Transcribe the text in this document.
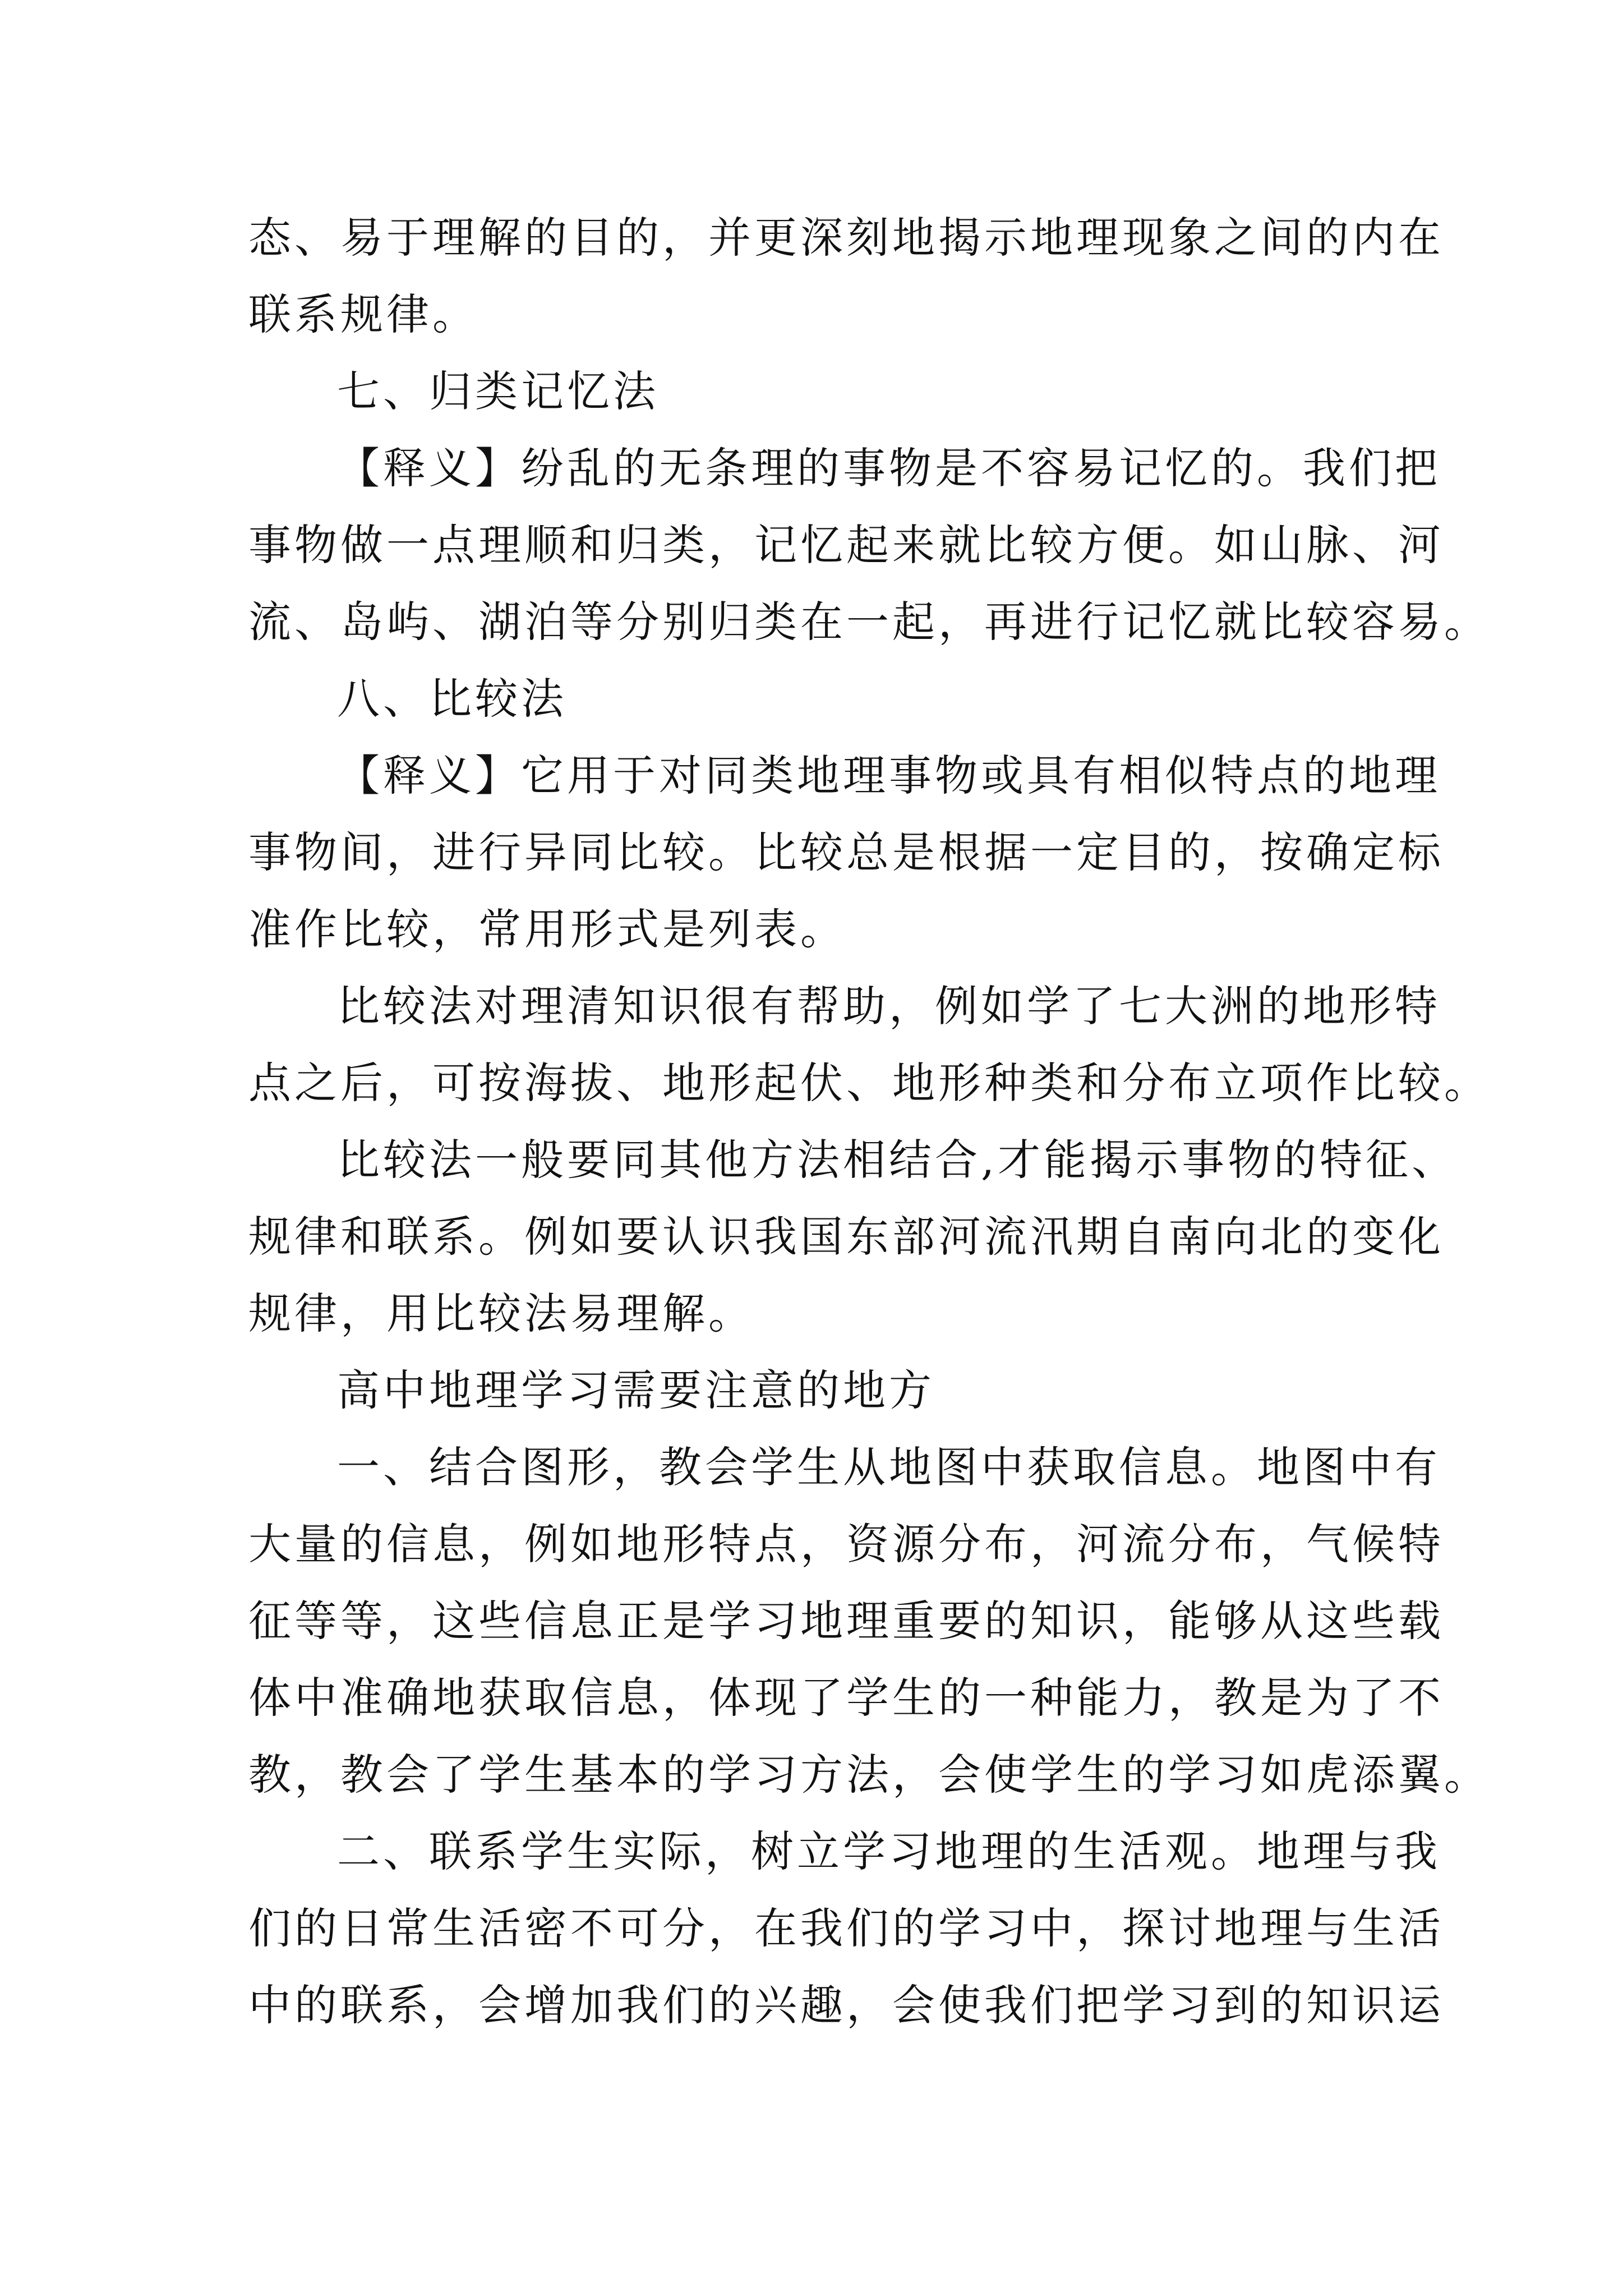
态、易于理解的目的，并更深刻地揭示地理现象之间的内在
联系规律。
七、归类记忆法
【释义】纷乱的无条理的事物是不容易记忆的。我们把
事物做一点理顺和归类，记忆起来就比较方便。如山脉、河
流、岛屿、湖泊等分别归类在一起，再进行记忆就比较容易。
八、比较法
【释义】它用于对同类地理事物或具有相似特点的地理
事物间，进行异同比较。比较总是根据一定目的，按确定标
准作比较，常用形式是列表。
比较法对理清知识很有帮助，例如学了七大洲的地形特
点之后，可按海拔、地形起伏、地形种类和分布立项作比较。
比较法一般要同其他方法相结合,才能揭示事物的特征、
规律和联系。例如要认识我国东部河流汛期自南向北的变化
规律，用比较法易理解。
高中地理学习需要注意的地方
一、结合图形，教会学生从地图中获取信息。地图中有
大量的信息，例如地形特点，资源分布，河流分布，气候特
征等等，这些信息正是学习地理重要的知识，能够从这些载
体中准确地获取信息，体现了学生的一种能力，教是为了不
教，教会了学生基本的学习方法，会使学生的学习如虎添翼。
二、联系学生实际，树立学习地理的生活观。地理与我
们的日常生活密不可分，在我们的学习中，探讨地理与生活
中的联系，会增加我们的兴趣，会使我们把学习到的知识运
